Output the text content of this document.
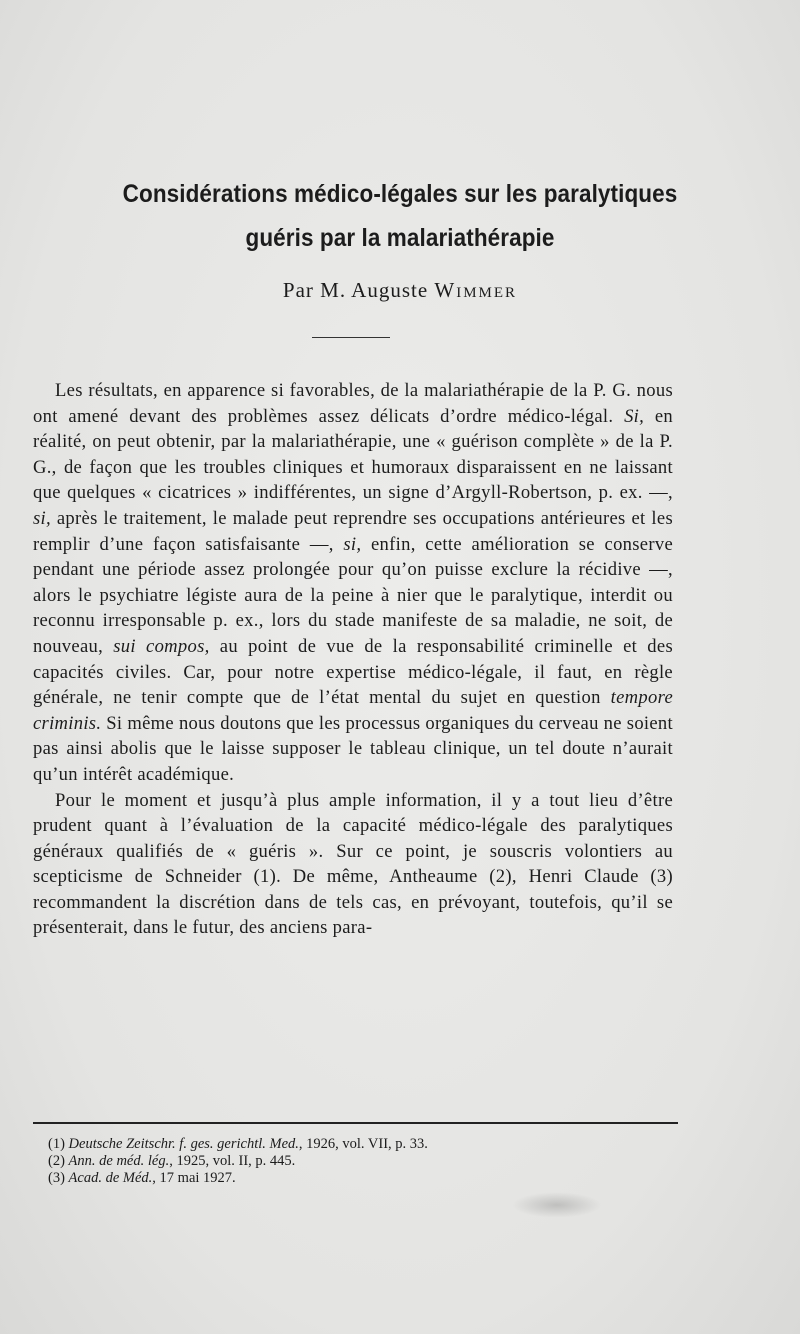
Considérations médico-légales sur les paralytiques
guéris par la malariathérapie
Par M. Auguste Wimmer

Les résultats, en apparence si favorables, de la malariathérapie de la P. G. nous ont amené devant des problèmes assez délicats d’ordre médico-légal. Si, en réalité, on peut obtenir, par la malariathérapie, une « guérison complète » de la P. G., de façon que les troubles cliniques et humoraux disparaissent en ne laissant que quelques « cicatrices » indifférentes, un signe d’Argyll-Robertson, p. ex. —, si, après le traitement, le malade peut reprendre ses occupations antérieures et les remplir d’une façon satisfaisante —, si, enfin, cette amélioration se conserve pendant une période assez prolongée pour qu’on puisse exclure la récidive —, alors le psychiatre légiste aura de la peine à nier que le paralytique, interdit ou reconnu irresponsable p. ex., lors du stade manifeste de sa maladie, ne soit, de nouveau, sui compos, au point de vue de la responsabilité criminelle et des capacités civiles. Car, pour notre expertise médico-légale, il faut, en règle générale, ne tenir compte que de l’état mental du sujet en question tempore criminis. Si même nous doutons que les processus organiques du cerveau ne soient pas ainsi abolis que le laisse supposer le tableau clinique, un tel doute n’aurait qu’un intérêt académique.

Pour le moment et jusqu’à plus ample information, il y a tout lieu d’être prudent quant à l’évaluation de la capacité médico-légale des paralytiques généraux qualifiés de « guéris ». Sur ce point, je souscris volontiers au scepticisme de Schneider (1). De même, Antheaume (2), Henri Claude (3) recommandent la discrétion dans de tels cas, en prévoyant, toutefois, qu’il se présenterait, dans le futur, des anciens para-

(1) Deutsche Zeitschr. f. ges. gerichtl. Med., 1926, vol. VII, p. 33.
(2) Ann. de méd. lég., 1925, vol. II, p. 445.
(3) Acad. de Méd., 17 mai 1927.
